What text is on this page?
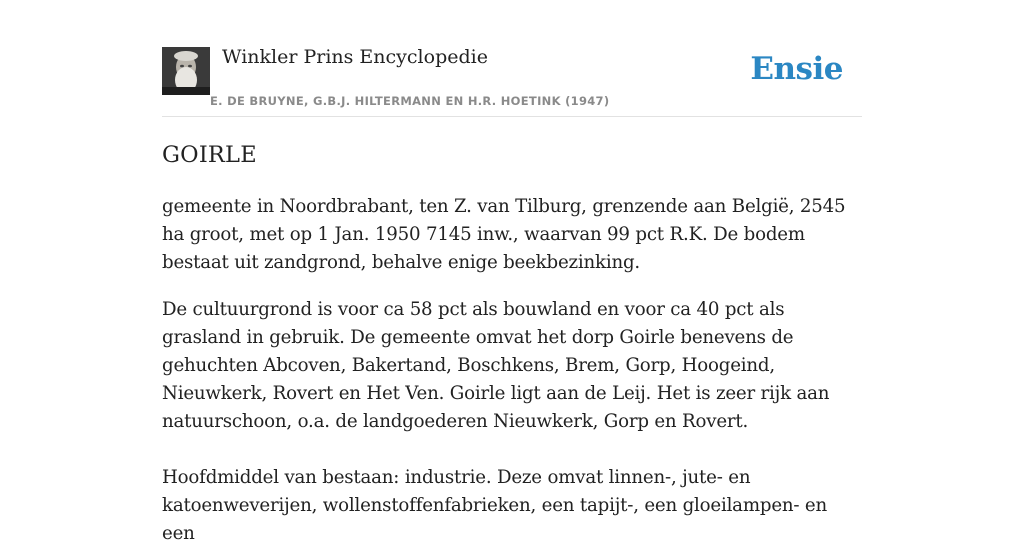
Winkler Prins Encyclopedie
E. DE BRUYNE, G.B.J. HILTERMANN EN H.R. HOETINK (1947)
Ensie
GOIRLE

gemeente in Noordbrabant, ten Z. van Tilburg, grenzende aan België, 2545 ha groot, met op 1 Jan. 1950 7145 inw., waarvan 99 pct R.K. De bodem bestaat uit zandgrond, behalve enige beekbezinking.

De cultuurgrond is voor ca 58 pct als bouwland en voor ca 40 pct als grasland in gebruik. De gemeente omvat het dorp Goirle benevens de gehuchten Abcoven, Bakertand, Boschkens, Brem, Gorp, Hoogeind, Nieuwkerk, Rovert en Het Ven. Goirle ligt aan de Leij. Het is zeer rijk aan natuurschoon, o.a. de landgoederen Nieuwkerk, Gorp en Rovert.

Hoofdmiddel van bestaan: industrie. Deze omvat linnen-, jute- en katoenweverijen, wollenstoffenfabrieken, een tapijt-, een gloeilampen- en een
